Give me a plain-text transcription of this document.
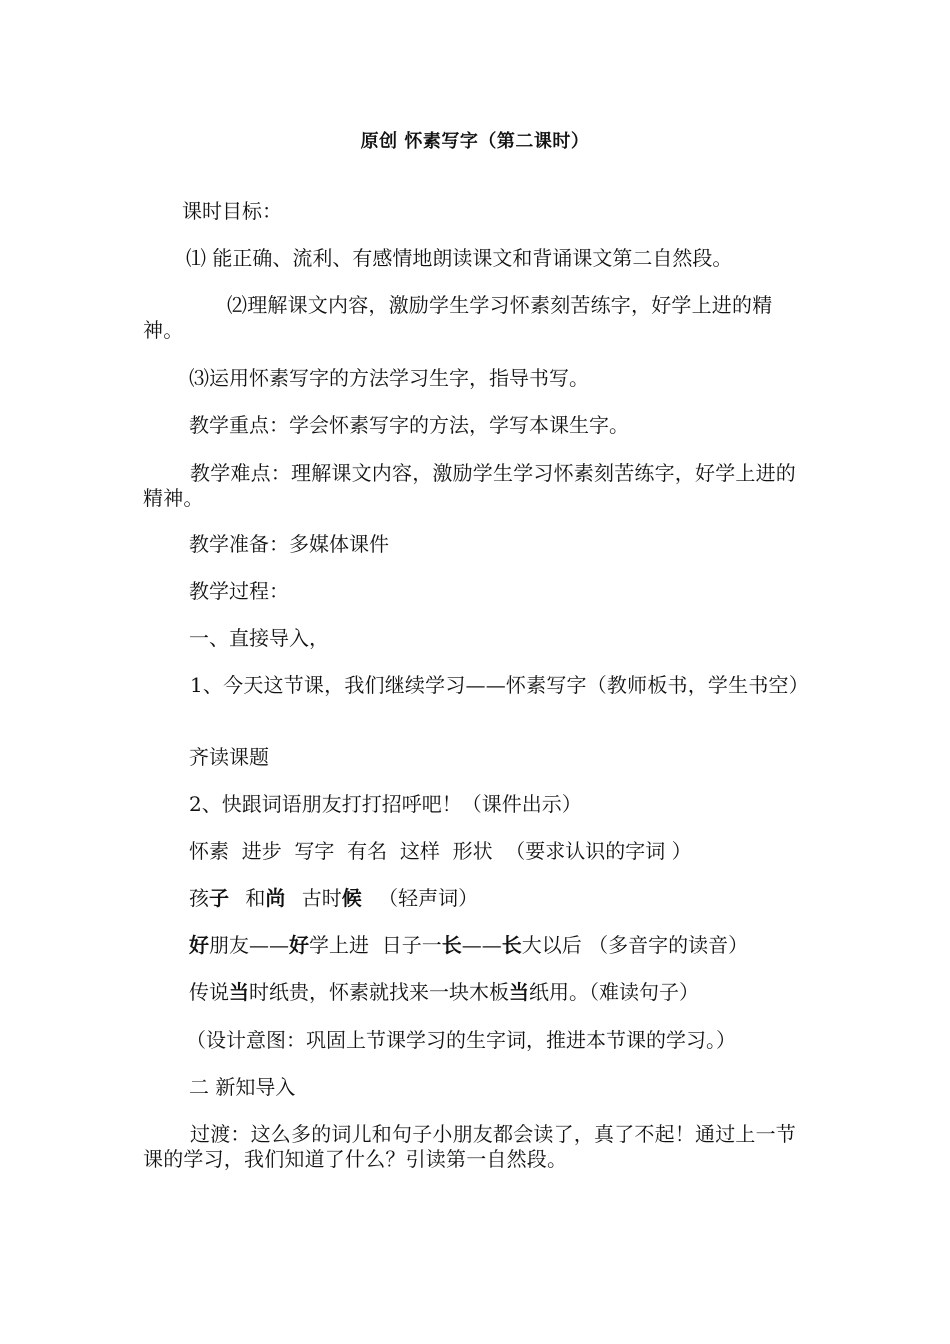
原创 怀素写字（第二课时）
课时目标：
⑴ 能正确、流利、有感情地朗读课文和背诵课文第二自然段。
⑵理解课文内容，激励学生学习怀素刻苦练字，好学上进的精神。
⑶运用怀素写字的方法学习生字，指导书写。
教学重点：学会怀素写字的方法，学写本课生字。
教学难点：理解课文内容，激励学生学习怀素刻苦练字，好学上进的精神。
教学准备：多媒体课件
教学过程：
一、直接导入，
1、今天这节课，我们继续学习——怀素写字（教师板书，学生书空）
齐读课题
2、快跟词语朋友打打招呼吧！（课件出示）
怀素  进步  写字  有名  这样  形状  （要求认识的字词 ）
孩子 和尚 古时候 （轻声词）
好朋友——好学上进  日子一长——长大以后 （多音字的读音）
传说当时纸贵，怀素就找来一块木板当纸用。（难读句子）
（设计意图：巩固上节课学习的生字词，推进本节课的学习。）
二 新知导入
过渡：这么多的词儿和句子小朋友都会读了，真了不起！通过上一节课的学习，我们知道了什么？引读第一自然段。
